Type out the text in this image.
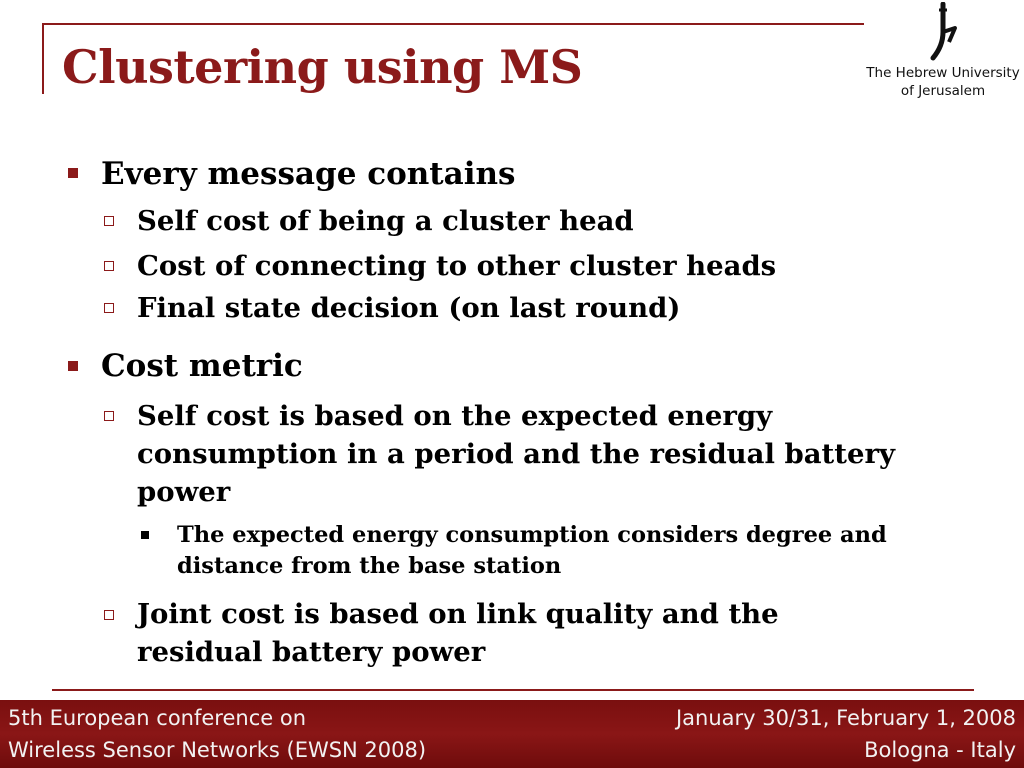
Clustering using MS	The Hebrew University
of Jerusalem

Every message contains

Self cost of being a cluster head

Cost of connecting to other cluster heads

Final state decision (on last round)

Cost metric

Self cost is based on the expected energy consumption in a period and the residual battery power

The expected energy consumption considers degree and distance from the base station

Joint cost is based on link quality and the residual battery power

5th European conference on
Wireless Sensor Networks (EWSN 2008)
January 30/31, February 1, 2008
Bologna - Italy
